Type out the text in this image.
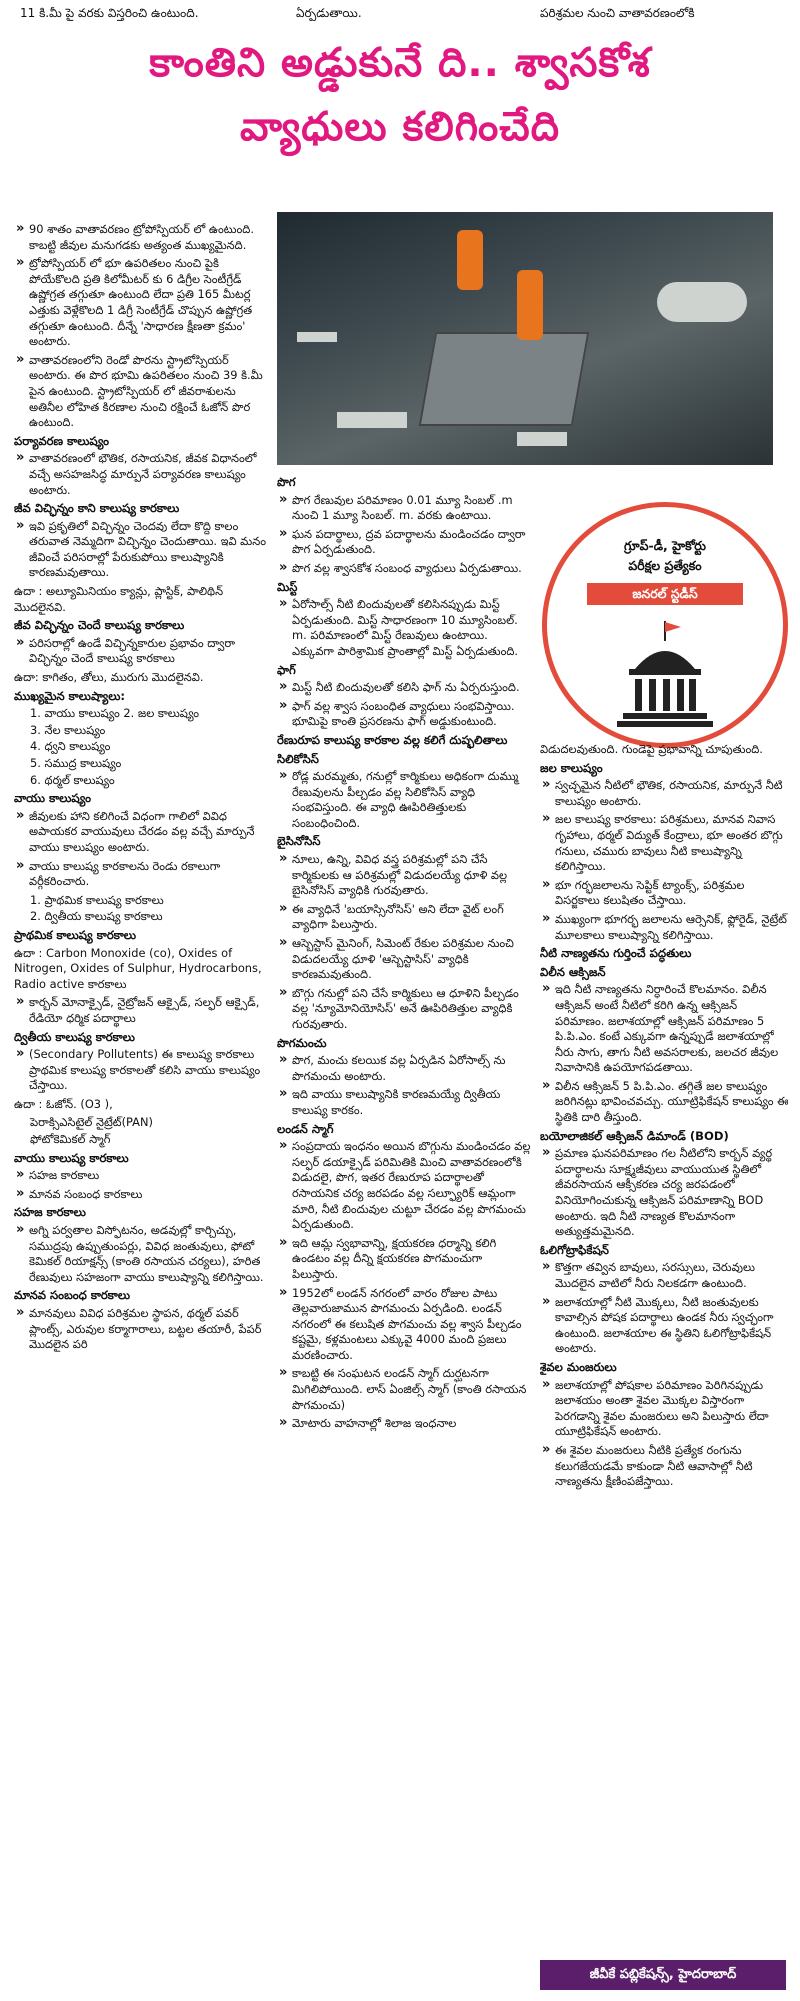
11 కి.మీ పై వరకు విస్తరించి ఉంటుంది.	ఏర్పడుతాయి.	పరిశ్రమల నుంచి వాతావరణంలోకి
కాంతిని అడ్డుకునే ది.. శ్వాసకోశ
వ్యాధులు కలిగించేది
గ్రూప్-డీ, హైకోర్టు
పరీక్షల ప్రత్యేకం
జనరల్ స్టడీస్
» 90 శాతం వాతావరణం ట్రోపోస్పియర్ లో ఉంటుంది. కాబట్టి జీవుల మనుగడకు అత్యంత ముఖ్యమైనది.
» ట్రోపోస్పియర్ లో భూ ఉపరితలం నుంచి పైకి పోయేకొలది ప్రతి కిలోమీటర్ కు 6 డిగ్రీల సెంటీగ్రేడ్ ఉష్ణోగ్రత తగ్గుతూ ఉంటుంది లేదా ప్రతి 165 మీటర్ల ఎత్తుకు వెళ్లేకొలది 1 డిగ్రీ సెంటీగ్రేడ్ చొప్పున ఉష్ణోగ్రత తగ్గుతూ ఉంటుంది. దీన్నే 'సాధారణ క్షీణతా క్రమం' అంటారు.
» వాతావరణంలోని రెండో పొరను స్ట్రాటోస్పియర్ అంటారు. ఈ పొర భూమి ఉపరితలం నుంచి 39 కి.మీ పైన ఉంటుంది. స్ట్రాటోస్పియర్ లో జీవరాశులను అతినీల లోహిత కిరణాల నుంచి రక్షించే ఓజోన్ పొర ఉంటుంది.
పర్యావరణ కాలుష్యం
» వాతావరణంలో భౌతిక, రసాయనిక, జీవక విధానంలో వచ్చే అసహజసిద్ధ మార్పునే పర్యావరణ కాలుష్యం అంటారు.
జీవ విచ్ఛిన్నం కాని కాలుష్య కారకాలు
» ఇవి ప్రకృతిలో విచ్ఛిన్నం చెందవు లేదా కొద్ది కాలం తరువాత నెమ్మదిగా విచ్ఛిన్నం చెందుతాయి. ఇవి మనం జీవించే పరిసరాల్లో పేరుకుపోయి కాలుష్యానికి కారణమవుతాయి.
ఉదా : అల్యూమినియం క్యాన్లు, ప్లాస్టిక్, పాలిథిన్ మొదలైనవి.
జీవ విచ్ఛిన్నం చెందే కాలుష్య కారకాలు
» పరిసరాల్లో ఉండే విచ్ఛిన్నకారుల ప్రభావం ద్వారా విచ్ఛిన్నం చెందే కాలుష్య కారకాలు
ఉదా: కాగితం, తోలు, మురుగు మొదలైనవి.
ముఖ్యమైన కాలుష్యాలు:
1. వాయు కాలుష్యం 2. జల కాలుష్యం
3. నేల కాలుష్యం
4. ధ్వని కాలుష్యం
5. సముద్ర కాలుష్యం
6. థర్మల్ కాలుష్యం
వాయు కాలుష్యం
» జీవులకు హాని కలిగించే విధంగా గాలిలో వివిధ అపాయకర వాయువులు చేరడం వల్ల వచ్చే మార్పునే వాయు కాలుష్యం అంటారు.
» వాయు కాలుష్య కారకాలను రెండు రకాలుగా వర్గీకరించారు.
1. ప్రాథమిక కాలుష్య కారకాలు
2. ద్వితీయ కాలుష్య కారకాలు
ప్రాథమిక కాలుష్య కారకాలు
ఉదా : Carbon Monoxide (co), Oxides of Nitrogen, Oxides of Sulphur, Hydrocarbons, Radio active కారకాలు
» కార్బన్ మోనాక్సైడ్, నైట్రోజన్ ఆక్సైడ్, సల్ఫర్ ఆక్సైడ్, రేడియో ధర్మిక పదార్థాలు
ద్వితీయ కాలుష్య కారకాలు
» (Secondary Pollutents) ఈ కాలుష్య కారకాలు ప్రాథమిక కాలుష్య కారకాలతో కలిసి వాయు కాలుష్యం చేస్తాయి.
ఉదా : ఓజోన్. (O3 ),
పెరాక్సిఎసిటైల్ నైట్రేట్(PAN)
ఫోటోకెమికల్ స్మాగ్
వాయు కాలుష్య కారకాలు
» సహజ కారకాలు
» మానవ సంబంధ కారకాలు
సహజ కారకాలు
» అగ్ని పర్వతాల విస్ఫోటనం, అడవుల్లో కార్చిచ్చు, సముద్రపు ఉప్పుతుంపర్లు, వివిధ జంతువులు, ఫోటో కెమికల్ రియాక్షన్స్ (కాంతి రసాయన చర్యలు), హరిత రేణువులు సహజంగా వాయు కాలుష్యాన్ని కలిగిస్తాయి.
మానవ సంబంధ కారకాలు
» మానవులు వివిధ పరిశ్రమల స్థాపన, థర్మల్ పవర్ ప్లాంట్స్, ఎరువుల కర్మాగారాలు, బట్టల తయారీ, పేపర్ మొదలైన పరి
పొగ
» పొగ రేణువుల పరిమాణం 0.01 మ్యూ సింబల్ .m నుంచి 1 మ్యూ సింబల్. m. వరకు ఉంటాయి.
» ఘన పదార్థాలు, ద్రవ పదార్థాలను మండించడం ద్వారా పొగ ఏర్పడుతుంది.
» పొగ వల్ల శ్వాసకోశ సంబంధ వ్యాధులు ఏర్పడుతాయి.
మిస్ట్
» ఏరోసాల్స్ నీటి బిందువులతో కలిసినప్పుడు మిస్ట్ ఏర్పడుతుంది. మిస్ట్ సాధారణంగా 10 మ్యూసింబల్. m. పరిమాణంలో మిస్ట్ రేణువులు ఉంటాయి. ఎక్కువగా పారిశ్రామిక ప్రాంతాల్లో మిస్ట్ ఏర్పడుతుంది.
ఫాగ్
» మిస్ట్ నీటి బిందువులతో కలిసి ఫాగ్ ను ఏర్పరుస్తుంది.
» ఫాగ్ వల్ల శ్వాస సంబంధిత వ్యాధులు సంభవిస్తాయి. భూమిపై కాంతి ప్రసరణను ఫాగ్ అడ్డుకుంటుంది.
రేణురూప కాలుష్య కారకాల వల్ల కలిగే దుష్ఫలితాలు
సిలికోసిస్
» రోడ్ల మరమ్మతు, గనుల్లో కార్మికులు అధికంగా దుమ్ము రేణువులను పీల్చడం వల్ల సిలికోసిస్ వ్యాధి సంభవిస్తుంది. ఈ వ్యాధి ఊపిరితిత్తులకు సంబంధించింది.
బైసినోసిస్
» నూలు, ఉన్ని, వివిధ వస్త్ర పరిశ్రమల్లో పని చేసే కార్మికులకు ఆ పరిశ్రమల్లో విడుదలయ్యే ధూళి వల్ల బైసినోసిస్ వ్యాధికి గురవుతారు.
» ఈ వ్యాధినే 'బయాస్సినోసిస్' అని లేదా వైట్ లంగ్ వ్యాధిగా పిలుస్తారు.
» ఆస్బెస్టాస్ మైనింగ్, సిమెంట్ రేకుల పరిశ్రమల నుంచి విడుదలయ్యే ధూళి 'ఆస్బెస్టాసిస్' వ్యాధికి కారణమవుతుంది.
» బొగ్గు గనుల్లో పని చేసే కార్మికులు ఆ ధూళిని పీల్చడం వల్ల 'న్యూమోనియోసిస్' అనే ఊపిరితిత్తుల వ్యాధికి గురవుతారు.
పొగమంచు
» పొగ, మంచు కలయిక వల్ల ఏర్పడిన ఏరోసాల్స్ ను పొగమంచు అంటారు.
» ఇది వాయు కాలుష్యానికి కారణమయ్యే ద్వితీయ కాలుష్య కారకం.
లండన్ స్మాగ్
» సంప్రదాయ ఇంధనం అయిన బొగ్గును మండించడం వల్ల సల్ఫర్ డయాక్సైడ్ పరిమితికి మించి వాతావరణంలోకి విడుదలై, పొగ, ఇతర రేణురూప పదార్థాలతో రసాయనిక చర్య జరపడం వల్ల సల్ఫ్యూరిక్ ఆమ్లంగా మారి, నీటి బిందువుల చుట్టూ చేరడం వల్ల పొగమంచు ఏర్పడుతుంది.
» ఇది ఆమ్ల స్వభావాన్ని, క్షయకరణ ధర్మాన్ని కలిగి ఉండటం వల్ల దీన్ని క్షయకరణ పొగమంచుగా పిలుస్తారు.
» 1952లో లండన్ నగరంలో వారం రోజుల పాటు తెల్లవారుజామున పొగమంచు ఏర్పడింది. లండన్ నగరంలో ఈ కలుషిత పొగమంచు వల్ల శ్వాస పీల్చడం కష్టమై, కళ్లమంటలు ఎక్కువై 4000 మంది ప్రజలు మరణించారు.
» కాబట్టి ఈ సంఘటన లండన్ స్మాగ్ దుర్ఘటనగా మిగిలిపోయింది. లాస్ ఏంజిల్స్ స్మాగ్ (కాంతి రసాయన పొగమంచు)
» మోటారు వాహనాల్లో శిలాజ ఇంధనాల
విడుదలవుతుంది. గుండెపై ప్రభావాన్ని చూపుతుంది.
జల కాలుష్యం
» స్వచ్ఛమైన నీటిలో భౌతిక, రసాయనిక, మార్పునే నీటి కాలుష్యం అంటారు.
» జల కాలుష్య కారకాలు: పరిశ్రమలు, మానవ నివాస గృహాలు, థర్మల్ విద్యుత్ కేంద్రాలు, భూ అంతర బొగ్గు గనులు, చమురు బావులు నీటి కాలుష్యాన్ని కలిగిస్తాయి.
» భూ గర్భజలాలను సెప్టిక్ ట్యాంక్స్, పరిశ్రమల విసర్జకాలు కలుషితం చేస్తాయి.
» ముఖ్యంగా భూగర్భ జలాలను ఆర్సెనిక్, ఫ్లోరైడ్, నైట్రేట్ మూలకాలు కాలుష్యాన్ని కలిగిస్తాయి.
నీటి నాణ్యతను గుర్తించే పద్ధతులు
విలీన ఆక్సిజన్
» ఇది నీటి నాణ్యతను నిర్ధారించే కొలమానం. విలీన ఆక్సిజన్ అంటే నీటిలో కరిగి ఉన్న ఆక్సిజన్ పరిమాణం. జలాశయాల్లో ఆక్సిజన్ పరిమాణం 5 పి.పి.ఎం. కంటే ఎక్కువగా ఉన్నప్పుడే జలాశయాల్లో నీరు సాగు, తాగు నీటి అవసరాలకు, జలచర జీవుల నివాసానికి ఉపయోగపడతాయి.
» విలీన ఆక్సిజన్ 5 పి.పి.ఎం. తగ్గితే జల కాలుష్యం జరిగినట్లు భావించవచ్చు. యూట్రిఫికేషన్ కాలుష్యం ఈ స్థితికి దారి తీస్తుంది.
బయోలాజికల్ ఆక్సిజన్ డిమాండ్ (BOD)
» ప్రమాణ ఘనపరిమాణం గల నీటిలోని కార్బన్ వ్యర్థ పదార్థాలను సూక్ష్మజీవులు వాయుయుత స్థితిలో జీవరసాయన ఆక్సీకరణ చర్య జరపడంలో వినియోగించుకున్న ఆక్సిజన్ పరిమాణాన్ని BOD అంటారు. ఇది నీటి నాణ్యత కొలమానంగా అత్యుత్తమమైనది.
ఓలిగోట్రాఫికేషన్
» కొత్తగా తవ్విన బావులు, సరస్సులు, చెరువులు మొదలైన వాటిలో నీరు నిలకడగా ఉంటుంది.
» జలాశయాల్లో నీటి మొక్కలు, నీటి జంతువులకు కావాల్సిన పోషక పదార్థాలు ఉండక నీరు స్వచ్ఛంగా ఉంటుంది. జలాశయాల ఈ స్థితిని ఓలిగోట్రాఫికేషన్ అంటారు.
శైవల మంజరులు
» జలాశయాల్లో పోషకాల పరిమాణం పెరిగినప్పుడు జలాశయం అంతా శైవల మొక్కల విస్తారంగా పెరగడాన్ని శైవల మంజరులు అని పిలుస్తారు లేదా యూట్రిఫికేషన్ అంటారు.
» ఈ శైవల మంజరులు నీటికి ప్రత్యేక రంగును కలుగజేయడమే కాకుండా నీటి ఆవాసాల్లో నీటి నాణ్యతను క్షీణింపజేస్తాయి.
జీవీకే పబ్లికేషన్స్, హైదరాబాద్
